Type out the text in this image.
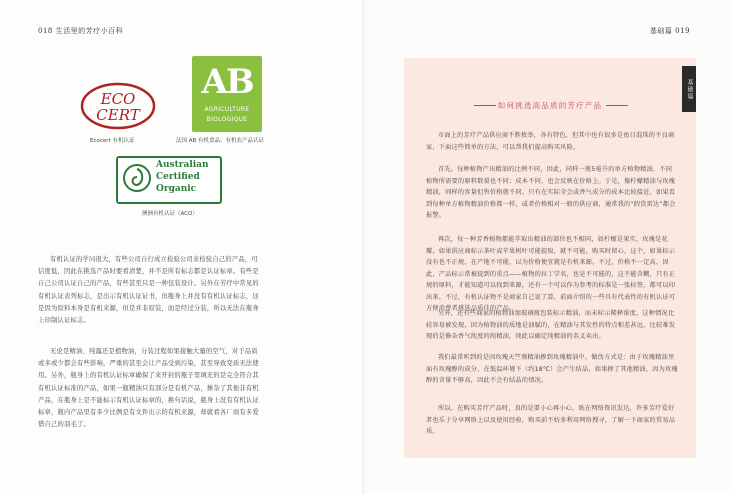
018 生活里的芳疗小百科
ECO
CERT
Ecocert 有机认证
AB
AGRICULTURE
BIOLOGIQUE
法国 AB 有机食品、有机农产品认证
Australian
Certified
Organic
澳洲有机认证（ACO）
有机认证的学问很大，有些公司自行成立检验公司来检验自己的产品，可信度低，因此在挑选产品时要看清楚，并不是所有标志都是认证标章。有些是自己公司认证自己的产品，有些甚至只是一种包装设计。另外在芳疗中常见的有机认证表列标志，是出示有机认证证书，但瓶身上并没有有机认证标志，这是因为原料本身是有机来源，但是并非原装，而是经过分装，所以无法在瓶身上印制认证标志。
无论是精油、纯露还是植物油，分装过程如果接触大量的空气，对于品质或多或少都会有些影响，严重的甚至会让产品受到污染，甚至导致变质无法使用。另外，瓶身上的有机认证标章确保了来开封的瓶子里填充的是完全符合其有机认证标准的产品，如果一瓶精油只有部分是有机产品，掺杂了其他非有机产品，在瓶身上是不能标示有机认证标章的，换句话说，瓶身上没有有机认证标章，瓶内产品里有多少比例是有文件出示的有机来源，却就看各厂商有多爱惜自己的羽毛了。
基础篇 019
如何挑选高品质的芳疗产品
市面上的芳疗产品供应商不胜枚举，各有特色，但其中也有很多是鱼目混珠的不良商家，下面这些简单的方法，可以帮我们提高购买风险。
首先，每种植物产出精油的比例不同，因此，同样一瓶5毫升的单方植物精油，不同植物所需要的原料数量也不同；成本不同，也会反映在价格上。于是，像柠檬精油与玫瑰精油，同样的容量但售价格就不同。只有在实际全会或香气成分的成本比较接近，如果看到每种单方植物精油价格都一样，或者价格相对一般的供应商，通常我的“假货雷达”都会报警。
再次，每一种芳香植物都能萃取出精油的部位也不相同，如柠檬是果实，玫瑰是花瓣，如果供应商标示茶叶或苹果树叶可能提取，就不可能，购买时留心，这个，如果标示没有也不正规，在产地不可能，以为价格便宜就是有机来源。不过，价格不一定高。因此，产品标示常被提到的重点——植物的拉丁学名，也是不可能的，这不能含糊，只有正规的原料，才能知道可以找到来源，还有一个可以作为参考的标准是一张标签，都可以印出来。不过，有机认证物不是商家自己说了算，前面介绍的一些具有代表性的有机认证可方便消费者挑选品质佳的产品。
另外，还有些商家的植物油加玻璃瓶包装标示精油，而未标示稀释浓度，这种情况比较容易被发现，因为植物油的质地是油腻的，在精油与其发性的特点相差甚远，比较难发现的是修杂香气纯度的纯精油，纯此以确定纯精油的名义卖出。
我们最常听到的是因玫瑰天竺葵精油掺到玫瑰精油中，做伪方式是：由于玫瑰精油里面有玫瑰醇的成分，在低温环境下（约18℃）会产生结晶，如果掺了其他精油，因为玫瑰醇的含量不够高，因此不会有结晶的情况。
所以，在购买芳疗产品时，真的是要小心再小心，既在网络资讯发达，许多芳疗爱好者也乐于分享网络上以及使用经验，购买前不妨多利用网络搜寻，了解一下商家的贸易品质。
基础篇
